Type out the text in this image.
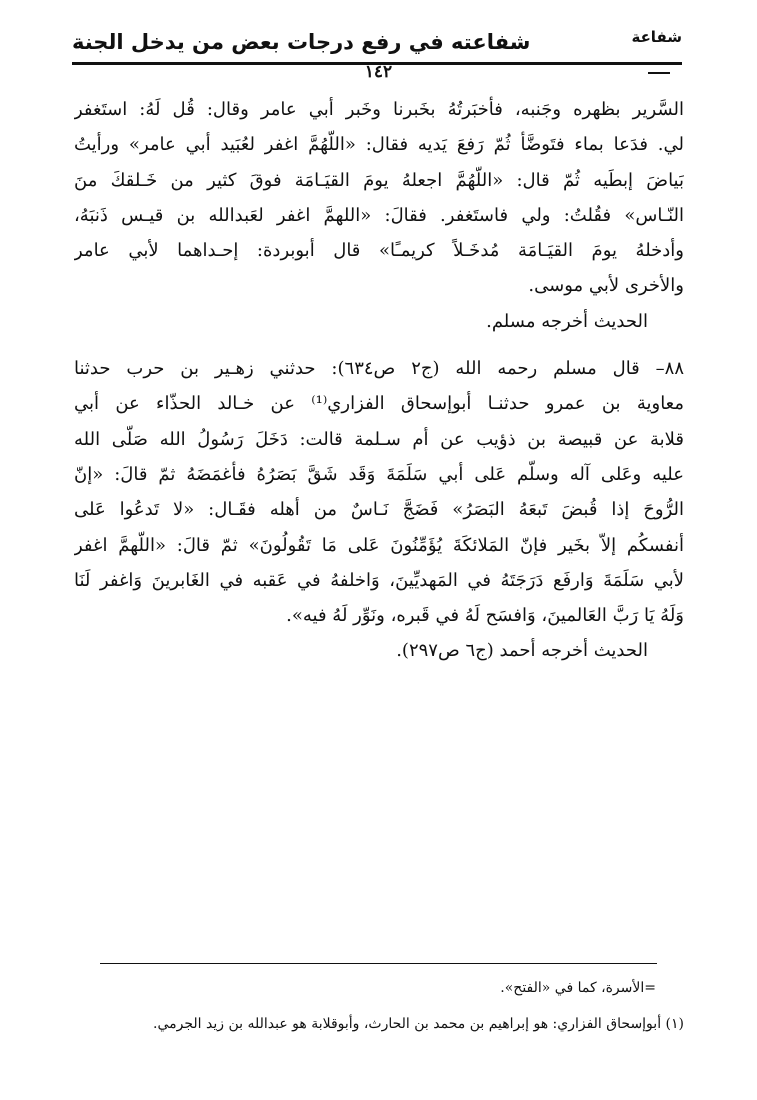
شفاعة
شفاعته في رفع درجات بعض من يدخل الجنة
١٤٢

السَّرير بظهره وجَنبه، فأخبَرتُهُ بخَبرنا وخَبر أبي عامر وقال: قُل لَهُ: استَغفر
لي. فدَعا بماء فتَوضَّأ ثُمّ رَفعَ يَديه فقال: «اللّهُمَّ اغفر لعُبَيد أبي عامر» ورأيتُ
بَياضَ إبطَيه ثُمّ قال: «اللّهُمَّ اجعلهُ يومَ القيَـامَة فوقَ كثير من خَـلقكَ منَ
النّـاس» فقُلتُ: ولي فاستَغفر. فقالَ: «اللهمَّ اغفر لعَبدالله بن قيـس ذَنبَهُ،
وأدخلهُ يومَ القيَـامَة مُدخَـلاً كريمـًا» قال أبوبردة: إحـداهما لأبي عامر
والأخرى لأبي موسى.

الحديث أخرجه مسلم.

٨٨– قال مسلم رحمه الله (ج٢ ص٦٣٤): حدثني زهـير بن حرب حدثنا
معاوية بن عمرو حدثنـا أبوإسحاق الفزاري⁽¹⁾ عن خـالد الحذّاء عن أبي
قلابة عن قبيصة بن ذؤيب عن أم سـلمة قالت: دَخَلَ رَسُولُ الله صَلّى الله
عليه وعَلى آله وسلّم عَلى أبي سَلَمَةَ وَقَد شَقَّ بَصَرُهُ فأغمَضَهُ ثمّ قالَ: «إنّ
الرُّوحَ إذا قُبضَ تَبعَهُ البَصَرُ» فَضَجَّ نَـاسٌ من أهله فقَـال: «لا تَدعُوا عَلى
أنفسكُم إلاّ بخَير فإنّ المَلائكَةَ يُؤَمِّنُونَ عَلى مَا تَقُولُونَ» ثمّ قالَ: «اللّهمَّ اغفر
لأبي سَلَمَةَ وَارفَع دَرَجَتَهُ في المَهديِّينَ، وَاخلفهُ في عَقبه في الغَابرينَ وَاغفر لَنَا
وَلَهُ يَا رَبَّ العَالمينَ، وَافسَح لَهُ في قَبره، ونَوِّر لَهُ فيه».

الحديث أخرجه أحمد (ج٦ ص٢٩٧).

=الأسرة، كما في «الفتح».
(١) أبوإسحاق الفزاري: هو إبراهيم بن محمد بن الحارث، وأبوقلابة هو عبدالله بن زيد الجرمي.
